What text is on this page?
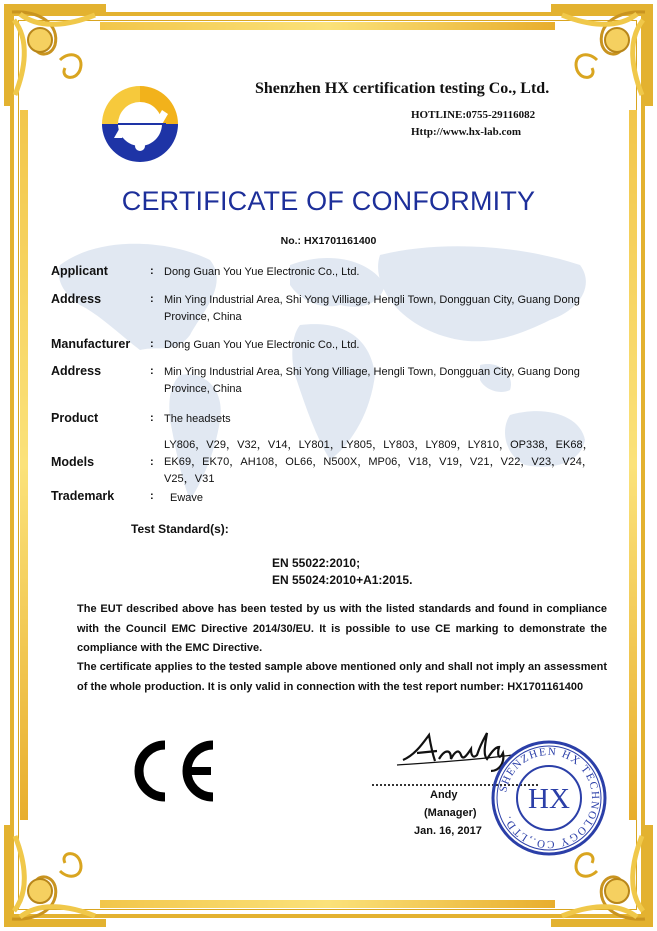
Shenzhen HX certification testing Co., Ltd.
HOTLINE:0755-29116082
Http://www.hx-lab.com
CERTIFICATE OF CONFORMITY
No.: HX1701161400
Applicant	: Dong Guan You Yue Electronic Co., Ltd.
Address	: Min Ying Industrial Area, Shi Yong Villiage, Hengli Town, Dongguan City, Guang Dong Province, China
Manufacturer : Dong Guan You Yue Electronic Co., Ltd.
Address	: Min Ying Industrial Area, Shi Yong Villiage, Hengli Town, Dongguan City, Guang Dong Province, China
Product	: The headsets
Models	:
LY806，V29，V32，V14，LY801，LY805，LY803，LY809，LY810，OP338，EK68，EK69，EK70，AH108，OL66，N500X，MP06，V18，V19，V21，V22，V23，V24，V25，V31
Trademark	: Ewave
Test Standard(s):
EN 55022:2010;
EN 55024:2010+A1:2015.
The EUT described above has been tested by us with the listed standards and found in compliance with the Council EMC Directive 2014/30/EU. It is possible to use CE marking to demonstrate the compliance with the EMC Directive.
The certificate applies to the tested sample above mentioned only and shall not imply an assessment of the whole production. It is only valid in connection with the test report number: HX1701161400
Andy
(Manager)
Jan. 16, 2017
SHENZHEN HX TECHNOLOGY CO.,LTD.
HX
